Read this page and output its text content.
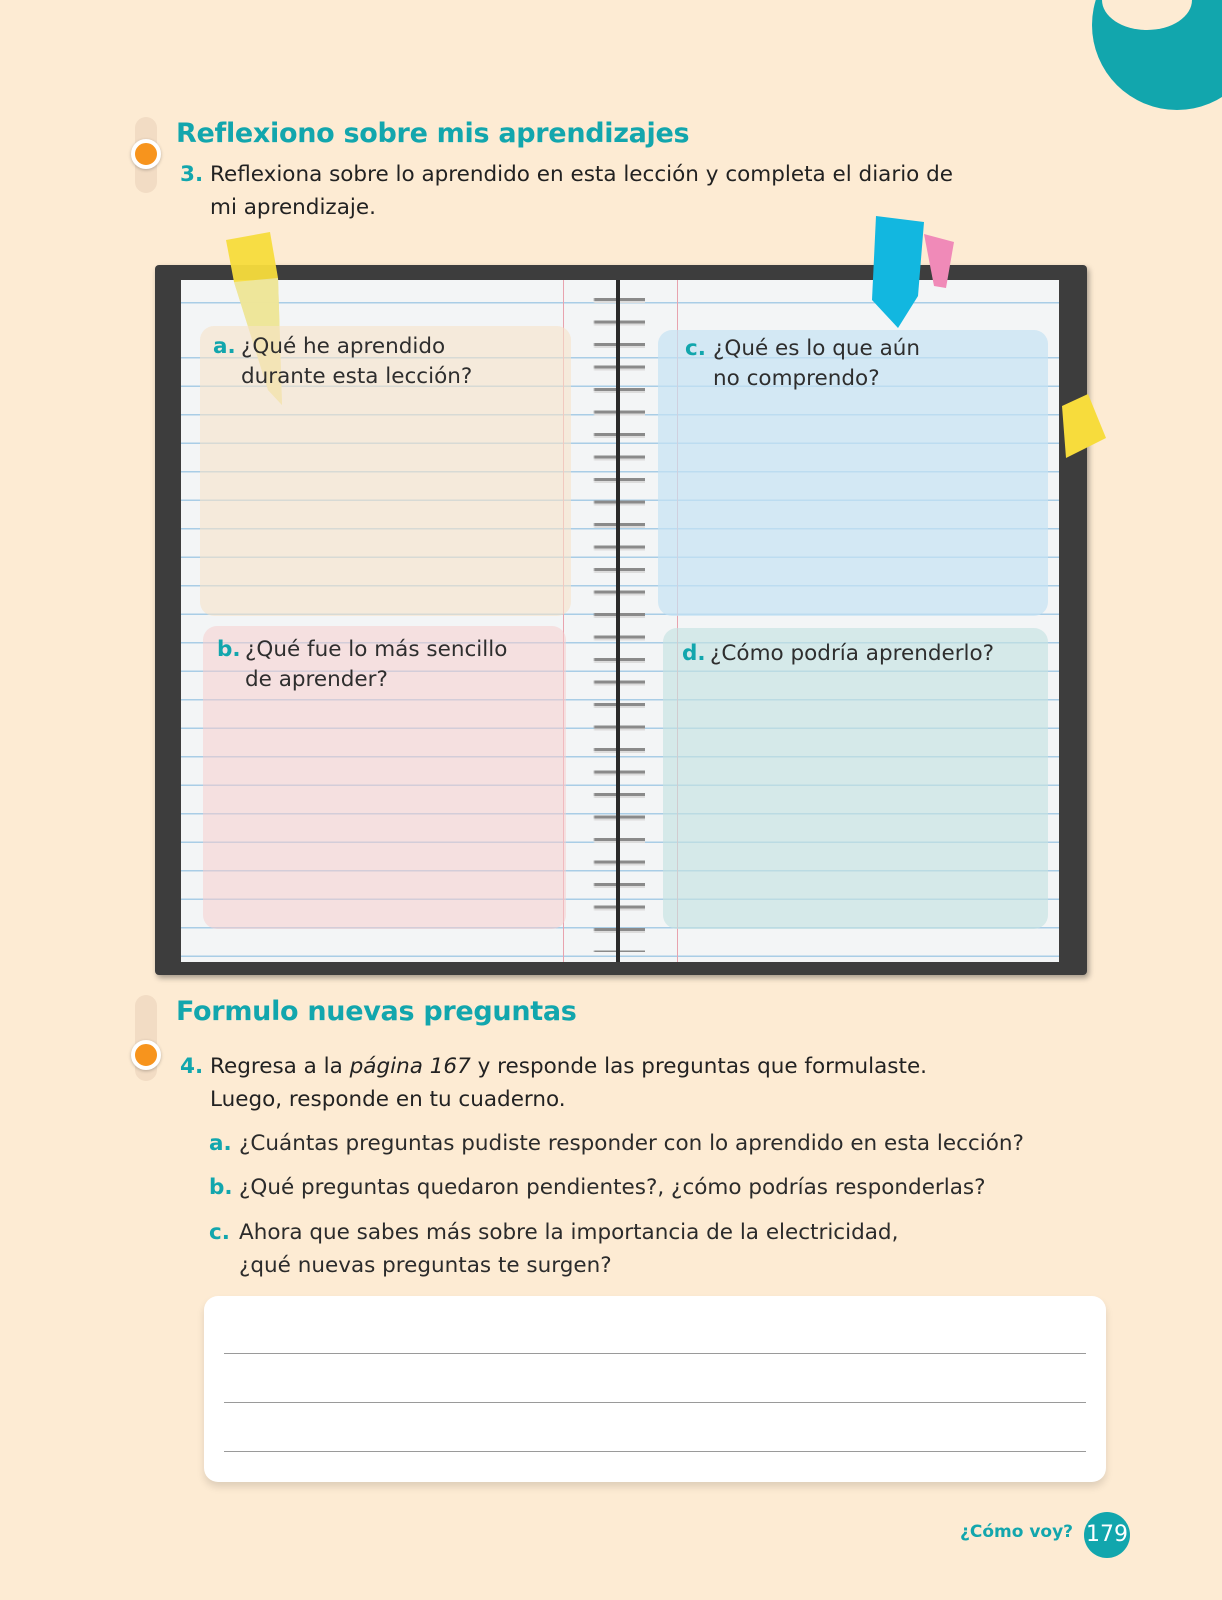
Reflexiono sobre mis aprendizajes
3. Reflexiona sobre lo aprendido en esta lección y completa el diario de
mi aprendizaje.
a. ¿Qué he aprendido
durante esta lección?
b. ¿Qué fue lo más sencillo
de aprender?
c. ¿Qué es lo que aún
no comprendo?
d. ¿Cómo podría aprenderlo?
Formulo nuevas preguntas
4. Regresa a la página 167 y responde las preguntas que formulaste.
Luego, responde en tu cuaderno.
a. ¿Cuántas preguntas pudiste responder con lo aprendido en esta lección?
b. ¿Qué preguntas quedaron pendientes?, ¿cómo podrías responderlas?
c. Ahora que sabes más sobre la importancia de la electricidad,
¿qué nuevas preguntas te surgen?
¿Cómo voy? 179
